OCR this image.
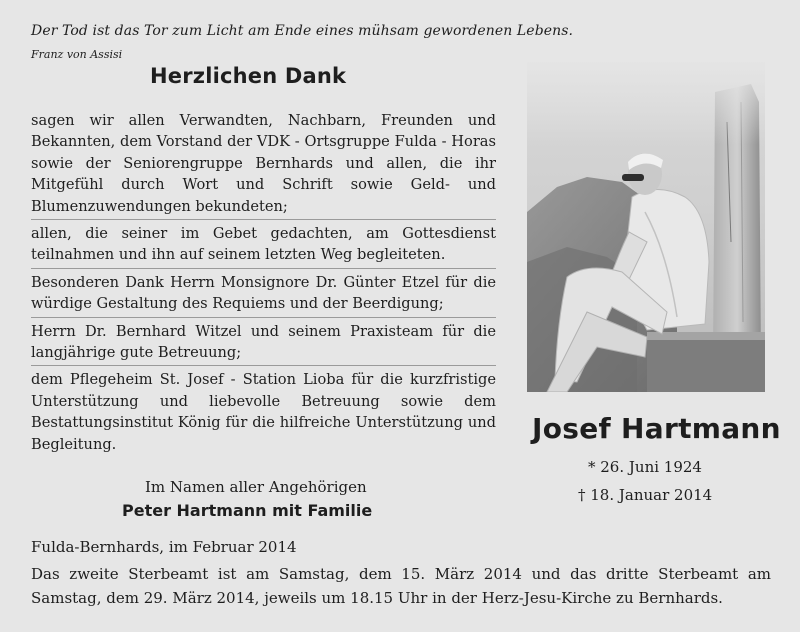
Der Tod ist das Tor zum Licht am Ende eines mühsam gewordenen Lebens.
Franz von Assisi
Herzlichen Dank

sagen wir allen Verwandten, Nachbarn, Freunden und Bekannten, dem Vorstand der VDK - Ortsgruppe Fulda - Horas sowie der Seniorengruppe Bernhards und allen, die ihr Mitgefühl durch Wort und Schrift sowie Geld- und Blumenzuwendungen bekundeten;

allen, die seiner im Gebet gedachten, am Gottesdienst teilnahmen und ihn auf seinem letzten Weg begleiteten.

Besonderen Dank Herrn Monsignore Dr. Günter Etzel für die würdige Gestaltung des Requiems und der Beerdigung;

Herrn Dr. Bernhard Witzel und seinem Praxisteam für die langjährige gute Betreuung;

dem Pflegeheim St. Josef - Station Lioba für die kurzfristige Unterstützung und liebevolle Betreuung sowie dem Bestattungsinstitut König für die hilfreiche Unterstützung und Begleitung.

Im Namen aller Angehörigen
Peter Hartmann mit Familie
Fulda-Bernhards, im Februar 2014
Das zweite Sterbeamt ist am Samstag, dem 15. März 2014 und das dritte Sterbeamt am Samstag, dem 29. März 2014, jeweils um 18.15 Uhr in der Herz-Jesu-Kirche zu Bernhards.
Josef Hartmann
* 26. Juni 1924
† 18. Januar 2014
